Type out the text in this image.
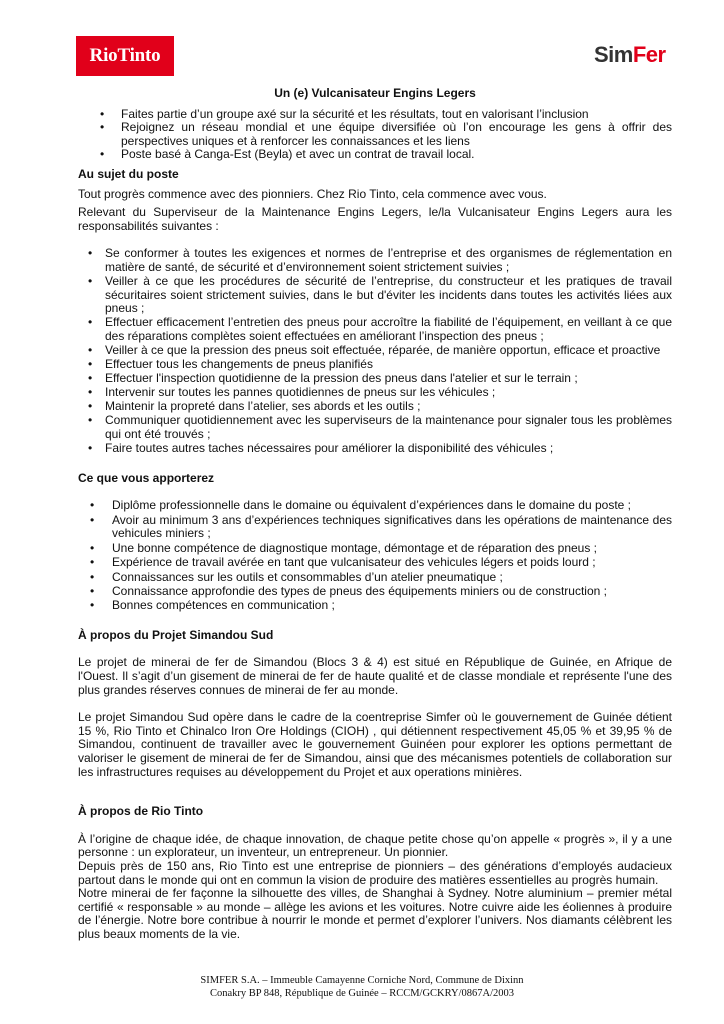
RioTinto	SimFer
Un (e) Vulcanisateur Engins Legers
• Faites partie d’un groupe axé sur la sécurité et les résultats, tout en valorisant l’inclusion
• Rejoignez un réseau mondial et une équipe diversifiée où l’on encourage les gens à offrir des perspectives uniques et à renforcer les connaissances et les liens
• Poste basé à Canga-Est (Beyla) et avec un contrat de travail local.
Au sujet du poste
Tout progrès commence avec des pionniers. Chez Rio Tinto, cela commence avec vous.
Relevant du Superviseur de la Maintenance Engins Legers, le/la Vulcanisateur Engins Legers aura les responsabilités suivantes :
• Se conformer à toutes les exigences et normes de l’entreprise et des organismes de réglementation en matière de santé, de sécurité et d’environnement soient strictement suivies ;
• Veiller à ce que les procédures de sécurité de l’entreprise, du constructeur et les pratiques de travail sécuritaires soient strictement suivies, dans le but d'éviter les incidents dans toutes les activités liées aux pneus ;
• Effectuer efficacement l’entretien des pneus pour accroître la fiabilité de l’équipement, en veillant à ce que des réparations complètes soient effectuées en améliorant l’inspection des pneus ;
• Veiller à ce que la pression des pneus soit effectuée, réparée, de manière opportun, efficace et proactive
• Effectuer tous les changements de pneus planifiés
• Effectuer l'inspection quotidienne de la pression des pneus dans l'atelier et sur le terrain ;
• Intervenir sur toutes les pannes quotidiennes de pneus sur les véhicules ;
• Maintenir la propreté dans l’atelier, ses abords et les outils ;
• Communiquer quotidiennement avec les superviseurs de la maintenance pour signaler tous les problèmes qui ont été trouvés ;
• Faire toutes autres taches nécessaires pour améliorer la disponibilité des véhicules ;
Ce que vous apporterez
• Diplôme professionnelle dans le domaine ou équivalent d’expériences dans le domaine du poste ;
• Avoir au minimum 3 ans d’expériences techniques significatives dans les opérations de maintenance des vehicules miniers ;
• Une bonne compétence de diagnostique montage, démontage et de réparation des pneus ;
• Expérience de travail avérée en tant que vulcanisateur des vehicules légers et poids lourd ;
• Connaissances sur les outils et consommables d’un atelier pneumatique ;
• Connaissance approfondie des types de pneus des équipements miniers ou de construction ;
• Bonnes compétences en communication ;
À propos du Projet Simandou Sud
Le projet de minerai de fer de Simandou (Blocs 3 & 4) est situé en République de Guinée, en Afrique de l'Ouest. Il s’agit d’un gisement de minerai de fer de haute qualité et de classe mondiale et représente l'une des plus grandes réserves connues de minerai de fer au monde.
Le projet Simandou Sud opère dans le cadre de la coentreprise Simfer où le gouvernement de Guinée détient 15 %, Rio Tinto et Chinalco Iron Ore Holdings (CIOH) , qui détiennent respectivement 45,05 % et 39,95 % de Simandou, continuent de travailler avec le gouvernement Guinéen pour explorer les options permettant de valoriser le gisement de minerai de fer de Simandou, ainsi que des mécanismes potentiels de collaboration sur les infrastructures requises au développement du Projet et aux operations minières.
À propos de Rio Tinto
À l’origine de chaque idée, de chaque innovation, de chaque petite chose qu’on appelle « progrès », il y a une personne : un explorateur, un inventeur, un entrepreneur. Un pionnier.
Depuis près de 150 ans, Rio Tinto est une entreprise de pionniers – des générations d’employés audacieux partout dans le monde qui ont en commun la vision de produire des matières essentielles au progrès humain.
Notre minerai de fer façonne la silhouette des villes, de Shanghai à Sydney. Notre aluminium – premier métal certifié « responsable » au monde – allège les avions et les voitures. Notre cuivre aide les éoliennes à produire de l’énergie. Notre bore contribue à nourrir le monde et permet d’explorer l’univers. Nos diamants célèbrent les plus beaux moments de la vie.
SIMFER S.A. – Immeuble Camayenne Corniche Nord, Commune de Dixinn
Conakry BP 848, République de Guinée – RCCM/GCKRY/0867A/2003
